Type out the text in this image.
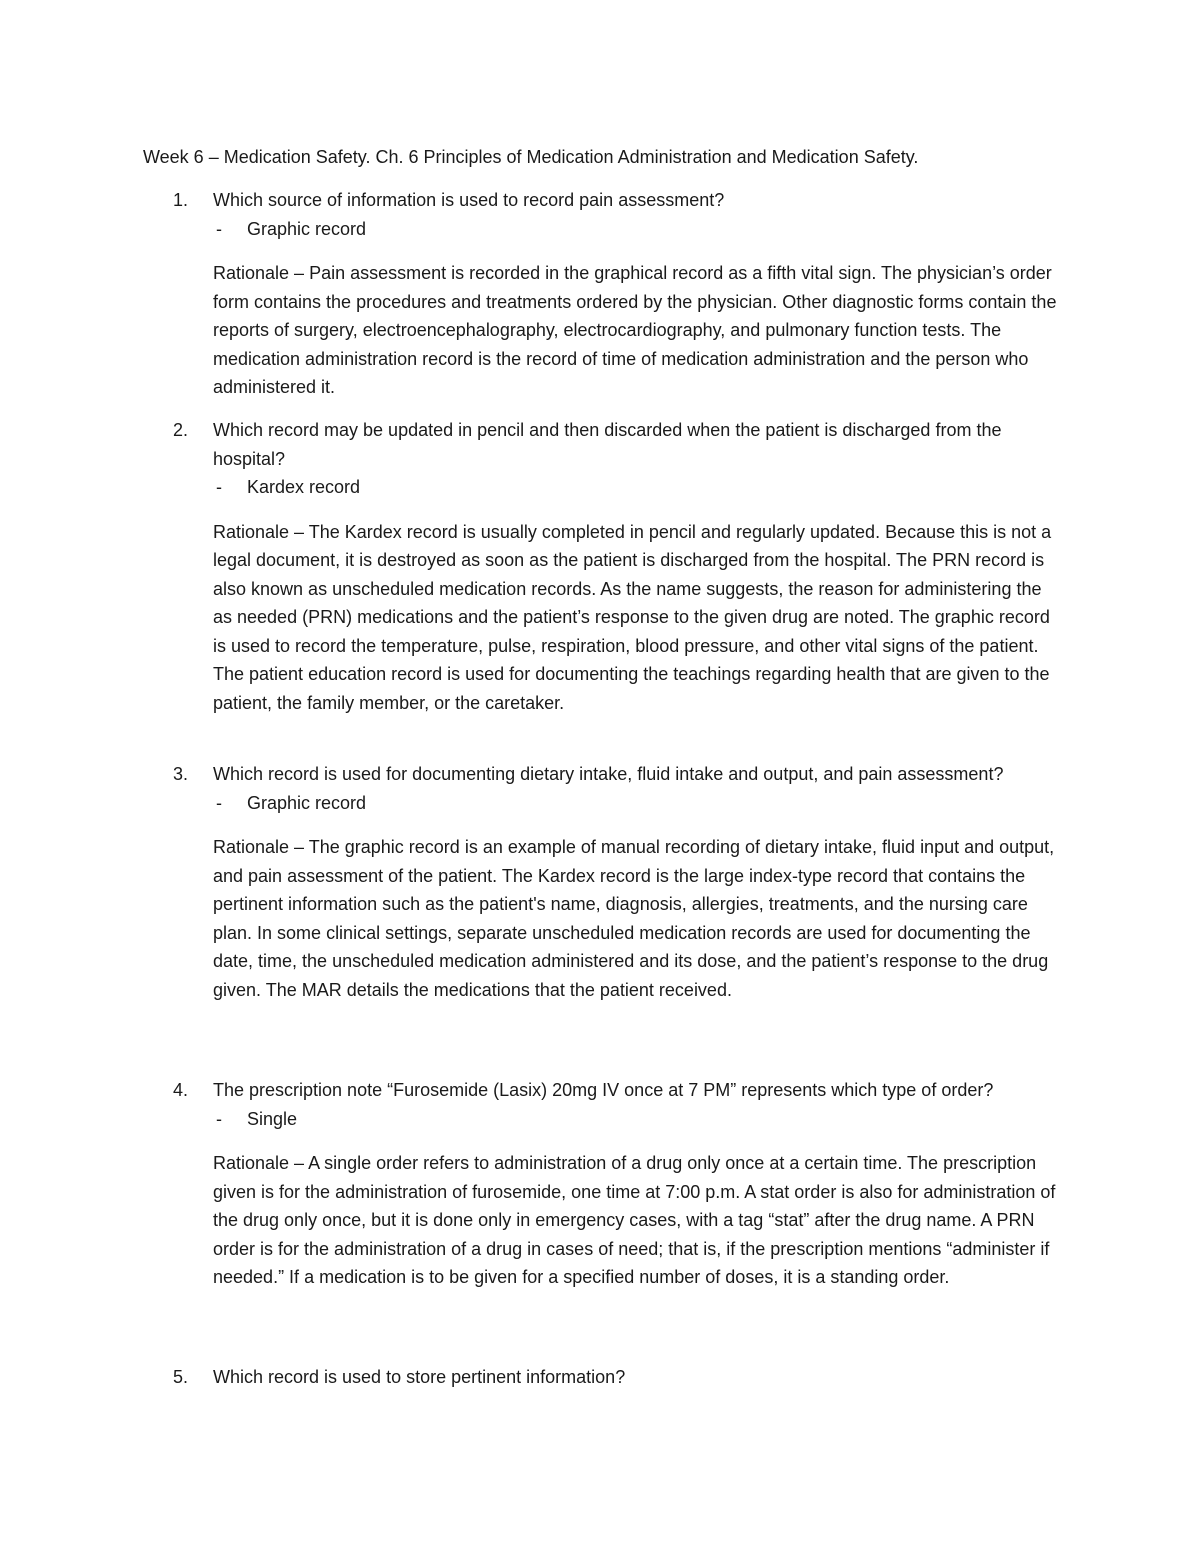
Week 6 – Medication Safety. Ch. 6 Principles of Medication Administration and Medication Safety.
1.	Which source of information is used to record pain assessment?
- Graphic record
Rationale – Pain assessment is recorded in the graphical record as a fifth vital sign. The physician’s order form contains the procedures and treatments ordered by the physician. Other diagnostic forms contain the reports of surgery, electroencephalography, electrocardiography, and pulmonary function tests. The medication administration record is the record of time of medication administration and the person who administered it.
2.	Which record may be updated in pencil and then discarded when the patient is discharged from the hospital?
- Kardex record
Rationale – The Kardex record is usually completed in pencil and regularly updated. Because this is not a legal document, it is destroyed as soon as the patient is discharged from the hospital. The PRN record is also known as unscheduled medication records. As the name suggests, the reason for administering the as needed (PRN) medications and the patient’s response to the given drug are noted. The graphic record is used to record the temperature, pulse, respiration, blood pressure, and other vital signs of the patient. The patient education record is used for documenting the teachings regarding health that are given to the patient, the family member, or the caretaker.
3.	Which record is used for documenting dietary intake, fluid intake and output, and pain assessment?
- Graphic record
Rationale – The graphic record is an example of manual recording of dietary intake, fluid input and output, and pain assessment of the patient. The Kardex record is the large index-type record that contains the pertinent information such as the patient's name, diagnosis, allergies, treatments, and the nursing care plan. In some clinical settings, separate unscheduled medication records are used for documenting the date, time, the unscheduled medication administered and its dose, and the patient’s response to the drug given. The MAR details the medications that the patient received.
4.	The prescription note “Furosemide (Lasix) 20mg IV once at 7 PM” represents which type of order?
- Single
Rationale – A single order refers to administration of a drug only once at a certain time. The prescription given is for the administration of furosemide, one time at 7:00 p.m. A stat order is also for administration of the drug only once, but it is done only in emergency cases, with a tag “stat” after the drug name. A PRN order is for the administration of a drug in cases of need; that is, if the prescription mentions “administer if needed.” If a medication is to be given for a specified number of doses, it is a standing order.
5.	Which record is used to store pertinent information?
